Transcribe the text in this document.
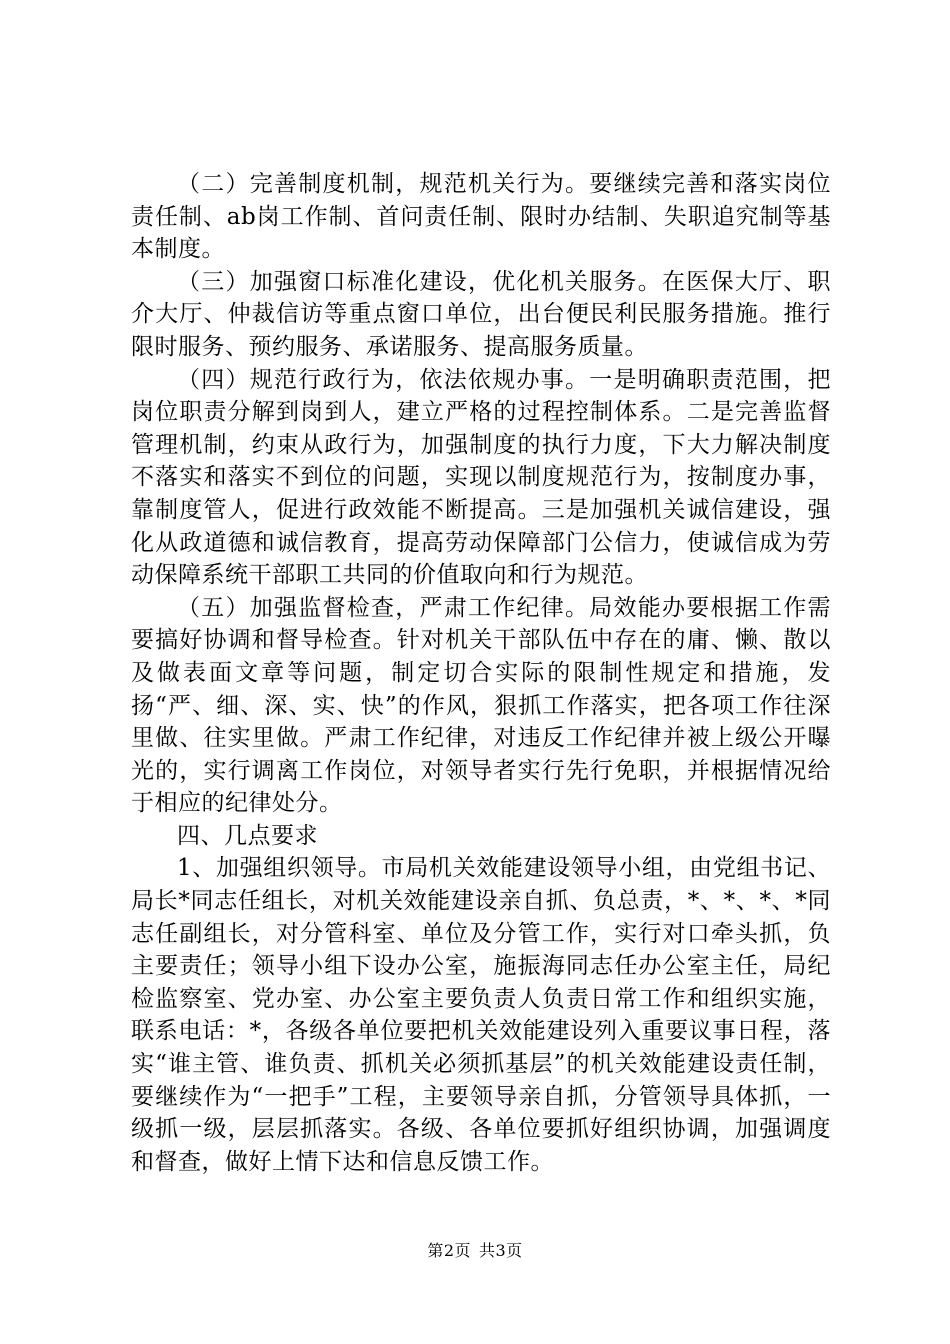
（二）完善制度机制，规范机关行为。要继续完善和落实岗位责任制、ab岗工作制、首问责任制、限时办结制、失职追究制等基本制度。

（三）加强窗口标准化建设，优化机关服务。在医保大厅、职介大厅、仲裁信访等重点窗口单位，出台便民利民服务措施。推行限时服务、预约服务、承诺服务、提高服务质量。

（四）规范行政行为，依法依规办事。一是明确职责范围，把岗位职责分解到岗到人，建立严格的过程控制体系。二是完善监督管理机制，约束从政行为，加强制度的执行力度，下大力解决制度不落实和落实不到位的问题，实现以制度规范行为，按制度办事，靠制度管人，促进行政效能不断提高。三是加强机关诚信建设，强化从政道德和诚信教育，提高劳动保障部门公信力，使诚信成为劳动保障系统干部职工共同的价值取向和行为规范。

（五）加强监督检查，严肃工作纪律。局效能办要根据工作需要搞好协调和督导检查。针对机关干部队伍中存在的庸、懒、散以及做表面文章等问题，制定切合实际的限制性规定和措施，发扬“严、细、深、实、快”的作风，狠抓工作落实，把各项工作往深里做、往实里做。严肃工作纪律，对违反工作纪律并被上级公开曝光的，实行调离工作岗位，对领导者实行先行免职，并根据情况给于相应的纪律处分。

四、几点要求

1、加强组织领导。市局机关效能建设领导小组，由党组书记、局长*同志任组长，对机关效能建设亲自抓、负总责，*、*、*、*同志任副组长，对分管科室、单位及分管工作，实行对口牵头抓，负主要责任；领导小组下设办公室，施振海同志任办公室主任，局纪检监察室、党办室、办公室主要负责人负责日常工作和组织实施，联系电话：*，各级各单位要把机关效能建设列入重要议事日程，落实“谁主管、谁负责、抓机关必须抓基层”的机关效能建设责任制，要继续作为“一把手”工程，主要领导亲自抓，分管领导具体抓，一级抓一级，层层抓落实。各级、各单位要抓好组织协调，加强调度和督查，做好上情下达和信息反馈工作。

第2页 共3页
